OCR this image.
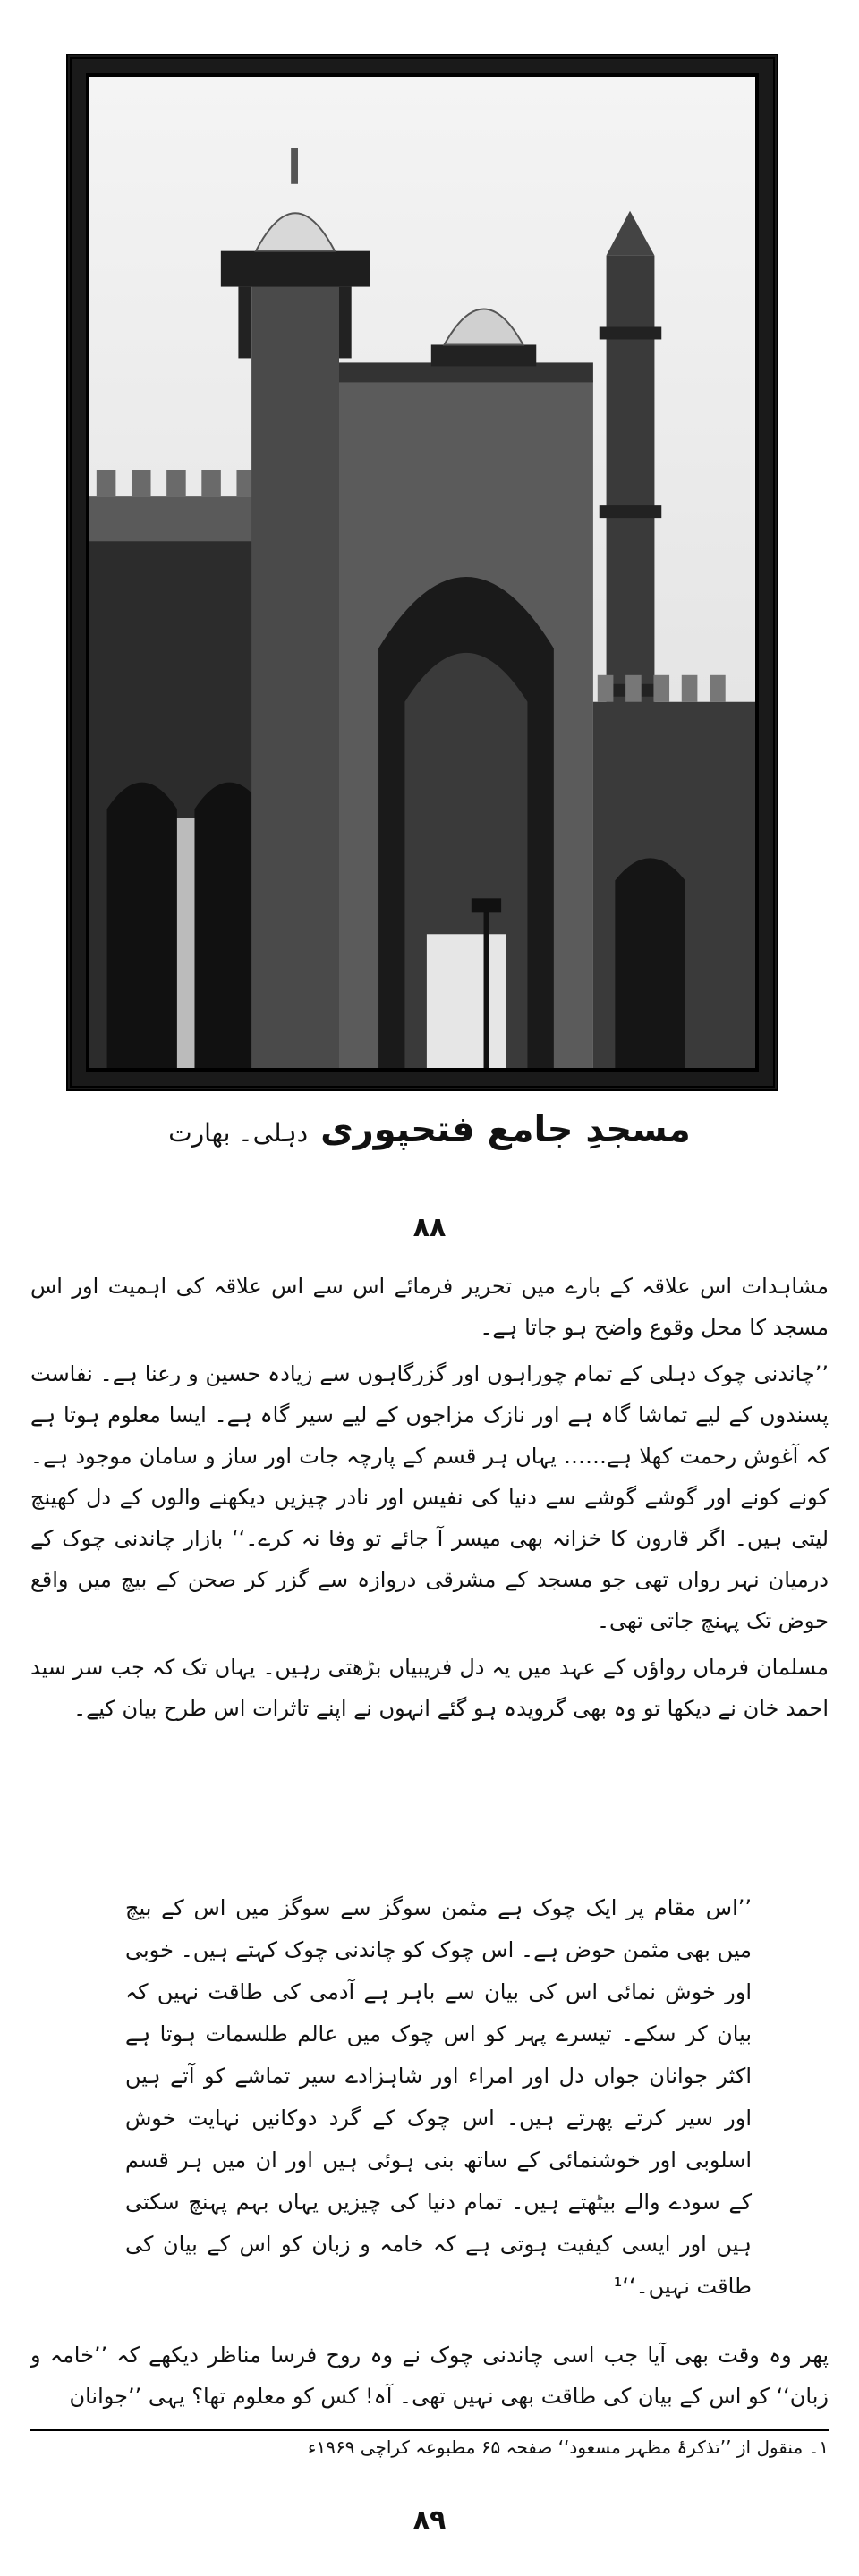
مسجدِ جامع فتحپوری دہلی۔ بھارت
۸۸

مشاہدات اس علاقہ کے بارے میں تحریر فرمائے اس سے اس علاقہ کی اہمیت اور اس مسجد کا محل وقوع واضح ہو جاتا ہے۔

’’چاندنی چوک دہلی کے تمام چوراہوں اور گزرگاہوں سے زیادہ حسین و رعنا ہے۔ نفاست پسندوں کے لیے تماشا گاہ ہے اور نازک مزاجوں کے لیے سیر گاہ ہے۔ ایسا معلوم ہوتا ہے کہ آغوش رحمت کھلا ہے…… یہاں ہر قسم کے پارچہ جات اور ساز و سامان موجود ہے۔ کونے کونے اور گوشے گوشے سے دنیا کی نفیس اور نادر چیزیں دیکھنے والوں کے دل کھینچ لیتی ہیں۔ اگر قارون کا خزانہ بھی میسر آ جائے تو وفا نہ کرے۔‘‘ بازار چاندنی چوک کے درمیان نہر رواں تھی جو مسجد کے مشرقی دروازہ سے گزر کر صحن کے بیچ میں واقع حوض تک پہنچ جاتی تھی۔

مسلمان فرماں رواؤں کے عہد میں یہ دل فریبیاں بڑھتی رہیں۔ یہاں تک کہ جب سر سید احمد خان نے دیکھا تو وہ بھی گرویدہ ہو گئے انہوں نے اپنے تاثرات اس طرح بیان کیے۔

’’اس مقام پر ایک چوک ہے مثمن سوگز سے سوگز میں اس کے بیچ میں بھی مثمن حوض ہے۔ اس چوک کو چاندنی چوک کہتے ہیں۔ خوبی اور خوش نمائی اس کی بیان سے باہر ہے آدمی کی طاقت نہیں کہ بیان کر سکے۔ تیسرے پہر کو اس چوک میں عالم طلسمات ہوتا ہے اکثر جوانان جواں دل اور امراء اور شاہزادے سیر تماشے کو آتے ہیں اور سیر کرتے پھرتے ہیں۔ اس چوک کے گرد دوکانیں نہایت خوش اسلوبی اور خوشنمائی کے ساتھ بنی ہوئی ہیں اور ان میں ہر قسم کے سودے والے بیٹھتے ہیں۔ تمام دنیا کی چیزیں یہاں بہم پہنچ سکتی ہیں اور ایسی کیفیت ہوتی ہے کہ خامہ و زبان کو اس کے بیان کی طاقت نہیں۔‘‘¹
پھر وہ وقت بھی آیا جب اسی چاندنی چوک نے وہ روح فرسا مناظر دیکھے کہ ’’خامہ و زبان‘‘ کو اس کے بیان کی طاقت بھی نہیں تھی۔ آہ! کس کو معلوم تھا؟ یہی ’’جوانان
۱۔ منقول از ’’تذکرۂ مظہر مسعود‘‘ صفحہ ۶۵ مطبوعہ کراچی ۱۹۶۹ء
۸۹
